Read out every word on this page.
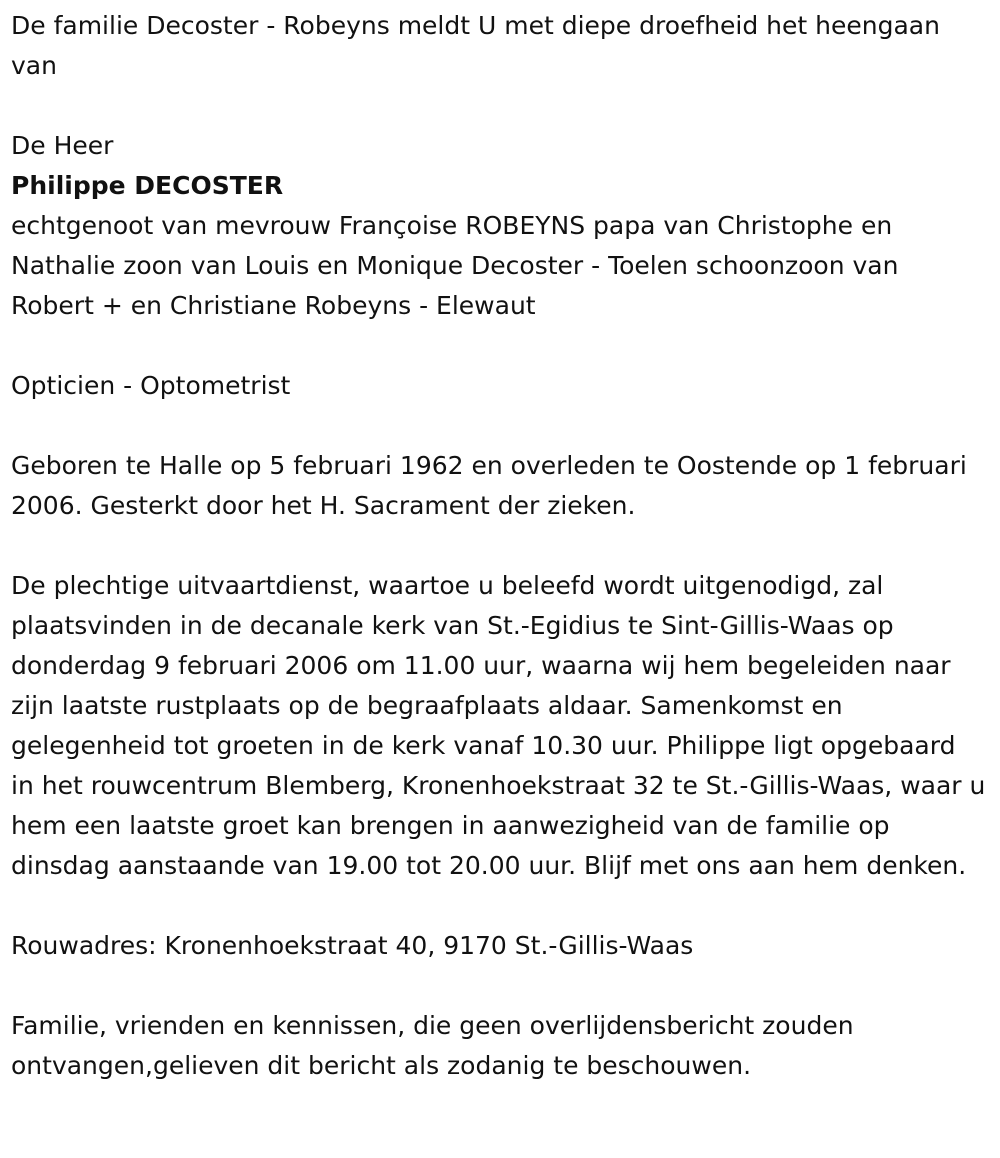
De familie Decoster - Robeyns meldt U met diepe droefheid het heengaan van

De Heer

Philippe DECOSTER

echtgenoot van mevrouw Françoise ROBEYNS papa van Christophe en Nathalie zoon van Louis en Monique Decoster - Toelen schoonzoon van Robert + en Christiane Robeyns - Elewaut

Opticien - Optometrist

Geboren te Halle op 5 februari 1962 en overleden te Oostende op 1 februari 2006. Gesterkt door het H. Sacrament der zieken.

De plechtige uitvaartdienst, waartoe u beleefd wordt uitgenodigd, zal plaatsvinden in de decanale kerk van St.-Egidius te Sint-Gillis-Waas op donderdag 9 februari 2006 om 11.00 uur, waarna wij hem begeleiden naar zijn laatste rustplaats op de begraafplaats aldaar. Samenkomst en gelegenheid tot groeten in de kerk vanaf 10.30 uur. Philippe ligt opgebaard in het rouwcentrum Blemberg, Kronenhoekstraat 32 te St.-Gillis-Waas, waar u hem een laatste groet kan brengen in aanwezigheid van de familie op dinsdag aanstaande van 19.00 tot 20.00 uur. Blijf met ons aan hem denken.

Rouwadres: Kronenhoekstraat 40, 9170 St.-Gillis-Waas

Familie, vrienden en kennissen, die geen overlijdensbericht zouden ontvangen,gelieven dit bericht als zodanig te beschouwen.
